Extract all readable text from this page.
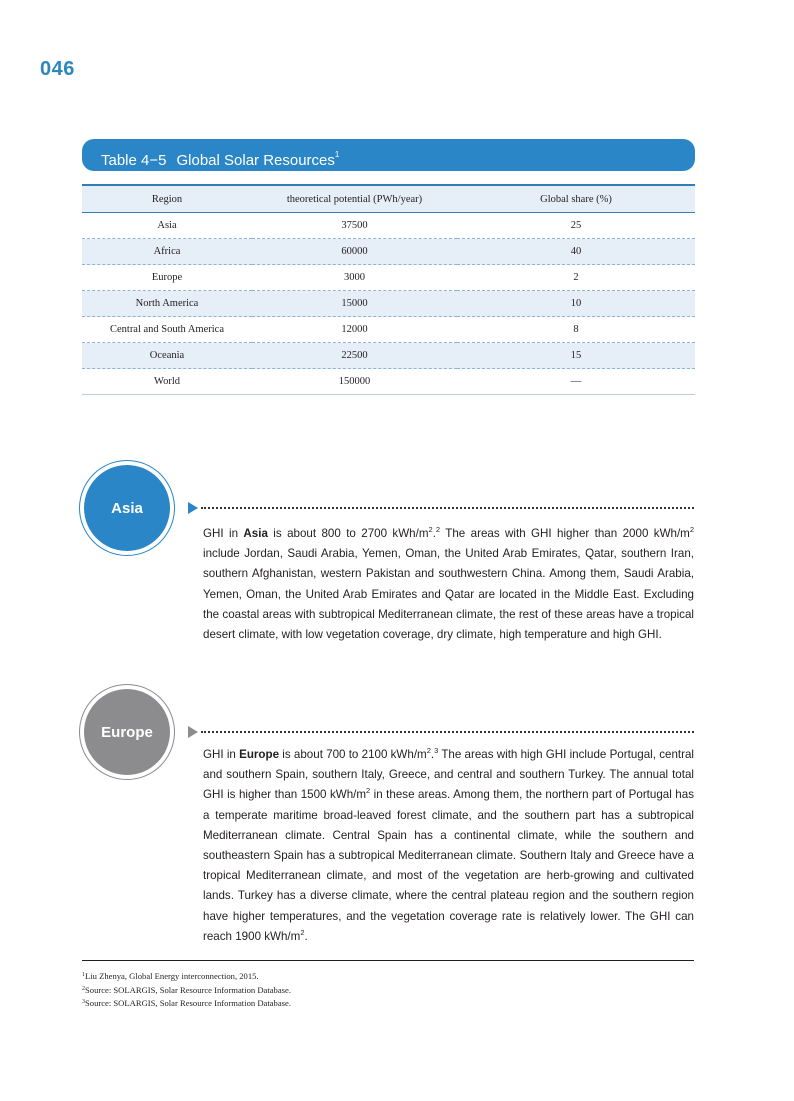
046
Table 4−5 Global Solar Resources$^1$
Region	theoretical potential (PWh/year)	Global share (%)
Asia	37500	25
Africa	60000	40
Europe	3000	2
North America	15000	10
Central and South America	12000	8
Oceania	22500	15
World	150000	—
Asia
GHI in Asia is about 800 to 2700 kWh/$m^2.^2$ The areas with GHI higher than 2000 kWh/$m^2$ include Jordan, Saudi Arabia, Yemen, Oman, the United Arab Emirates, Qatar, southern Iran, southern Afghanistan, western Pakistan and southwestern China. Among them, Saudi Arabia, Yemen, Oman, the United Arab Emirates and Qatar are located in the Middle East. Excluding the coastal areas with subtropical Mediterranean climate, the rest of these areas have a tropical desert climate, with low vegetation coverage, dry climate, high temperature and high GHI.
Europe
GHI in Europe is about 700 to 2100 kWh/$m^2.^3$ The areas with high GHI include Portugal, central and southern Spain, southern Italy, Greece, and central and southern Turkey. The annual total GHI is higher than 1500 kWh/$m^2$ in these areas. Among them, the northern part of Portugal has a temperate maritime broad-leaved forest climate, and the southern part has a subtropical Mediterranean climate. Central Spain has a continental climate, while the southern and southeastern Spain has a subtropical Mediterranean climate. Southern Italy and Greece have a tropical Mediterranean climate, and most of the vegetation are herb-growing and cultivated lands. Turkey has a diverse climate, where the central plateau region and the southern region have higher temperatures, and the vegetation coverage rate is relatively lower. The GHI can reach 1900 kWh/$m^2$.
$^1$Liu Zhenya, Global Energy interconnection, 2015.
$^2$Source: SOLARGIS, Solar Resource Information Database.
$^3$Source: SOLARGIS, Solar Resource Information Database.
